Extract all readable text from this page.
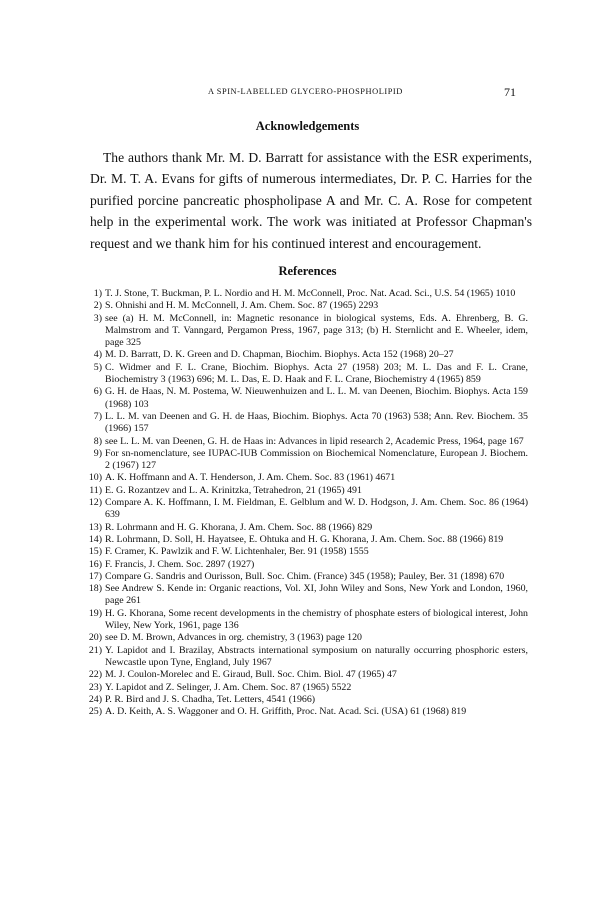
A SPIN-LABELLED GLYCERO-PHOSPHOLIPID	71
Acknowledgements

The authors thank Mr. M. D. Barratt for assistance with the ESR experiments, Dr. M. T. A. Evans for gifts of numerous intermediates, Dr. P. C. Harries for the purified porcine pancreatic phospholipase A and Mr. C. A. Rose for competent help in the experimental work. The work was initiated at Professor Chapman's request and we thank him for his continued interest and encouragement.

References
1) T. J. Stone, T. Buckman, P. L. Nordio and H. M. McConnell, Proc. Nat. Acad. Sci., U.S. 54 (1965) 1010
2) S. Ohnishi and H. M. McConnell, J. Am. Chem. Soc. 87 (1965) 2293
3) see (a) H. M. McConnell, in: Magnetic resonance in biological systems, Eds. A. Ehrenberg, B. G. Malmstrom and T. Vanngard, Pergamon Press, 1967, page 313; (b) H. Sternlicht and E. Wheeler, idem, page 325
4) M. D. Barratt, D. K. Green and D. Chapman, Biochim. Biophys. Acta 152 (1968) 20–27
5) C. Widmer and F. L. Crane, Biochim. Biophys. Acta 27 (1958) 203; M. L. Das and F. L. Crane, Biochemistry 3 (1963) 696; M. L. Das, E. D. Haak and F. L. Crane, Biochemistry 4 (1965) 859
6) G. H. de Haas, N. M. Postema, W. Nieuwenhuizen and L. L. M. van Deenen, Biochim. Biophys. Acta 159 (1968) 103
7) L. L. M. van Deenen and G. H. de Haas, Biochim. Biophys. Acta 70 (1963) 538; Ann. Rev. Biochem. 35 (1966) 157
8) see L. L. M. van Deenen, G. H. de Haas in: Advances in lipid research 2, Academic Press, 1964, page 167
9) For sn-nomenclature, see IUPAC-IUB Commission on Biochemical Nomenclature, European J. Biochem. 2 (1967) 127
10) A. K. Hoffmann and A. T. Henderson, J. Am. Chem. Soc. 83 (1961) 4671
11) E. G. Rozantzev and L. A. Krinitzka, Tetrahedron, 21 (1965) 491
12) Compare A. K. Hoffmann, I. M. Fieldman, E. Gelblum and W. D. Hodgson, J. Am. Chem. Soc. 86 (1964) 639
13) R. Lohrmann and H. G. Khorana, J. Am. Chem. Soc. 88 (1966) 829
14) R. Lohrmann, D. Soll, H. Hayatsee, E. Ohtuka and H. G. Khorana, J. Am. Chem. Soc. 88 (1966) 819
15) F. Cramer, K. Pawlzik and F. W. Lichtenhaler, Ber. 91 (1958) 1555
16) F. Francis, J. Chem. Soc. 2897 (1927)
17) Compare G. Sandris and Ourisson, Bull. Soc. Chim. (France) 345 (1958); Pauley, Ber. 31 (1898) 670
18) See Andrew S. Kende in: Organic reactions, Vol. XI, John Wiley and Sons, New York and London, 1960, page 261
19) H. G. Khorana, Some recent developments in the chemistry of phosphate esters of biological interest, John Wiley, New York, 1961, page 136
20) see D. M. Brown, Advances in org. chemistry, 3 (1963) page 120
21) Y. Lapidot and I. Brazilay, Abstracts international symposium on naturally occurring phosphoric esters, Newcastle upon Tyne, England, July 1967
22) M. J. Coulon-Morelec and E. Giraud, Bull. Soc. Chim. Biol. 47 (1965) 47
23) Y. Lapidot and Z. Selinger, J. Am. Chem. Soc. 87 (1965) 5522
24) P. R. Bird and J. S. Chadha, Tet. Letters, 4541 (1966)
25) A. D. Keith, A. S. Waggoner and O. H. Griffith, Proc. Nat. Acad. Sci. (USA) 61 (1968) 819
